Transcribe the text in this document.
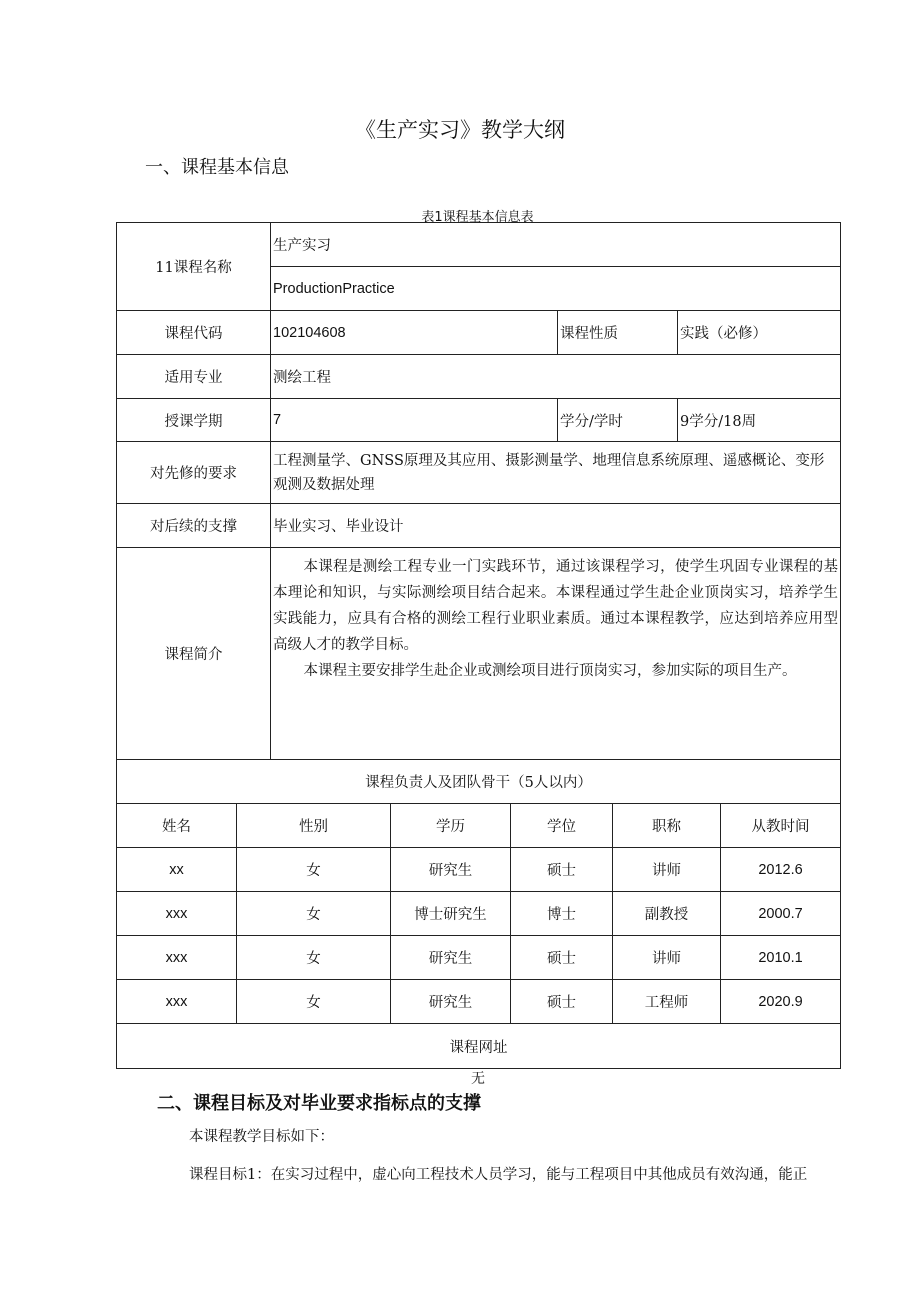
《生产实习》教学大纲
一、课程基本信息
表1课程基本信息表
11课程名称		生产实习						
		ProductionPractice						
课程代码		102104608			课程性质		实践（必修）	
适用专业		测绘工程						
授课学期		7			学分/学时		9学分/18周	
对先修的要求		工程测量学、GNSS原理及其应用、摄影测量学、地理信息系统原理、遥感概论、变形观测及数据处理						
对后续的支撑		毕业实习、毕业设计						
课程简介		本课程是测绘工程专业一门实践环节，通过该课程学习，使学生巩固专业课程的基本理论和知识，与实际测绘项目结合起来。本课程通过学生赴企业顶岗实习，培养学生实践能力，应具有合格的测绘工程行业职业素质。通过本课程教学，应达到培养应用型高级人才的教学目标。

本课程主要安排学生赴企业或测绘项目进行顶岗实习，参加实际的项目生产。						

课程负责人及团队骨干（5人以内）								
姓名	性别		学历	学位		职称		从教时间
xx	女		研究生	硕士		讲师		2012.6
xxx	女		博士研究生	博士		副教授		2000.7
xxx	女		研究生	硕士		讲师		2010.1
xxx	女		研究生	硕士		工程师		2020.9
课程网址								
无
二、课程目标及对毕业要求指标点的支撑
本课程教学目标如下：
课程目标1：在实习过程中，虚心向工程技术人员学习，能与工程项目中其他成员有效沟通，能正
